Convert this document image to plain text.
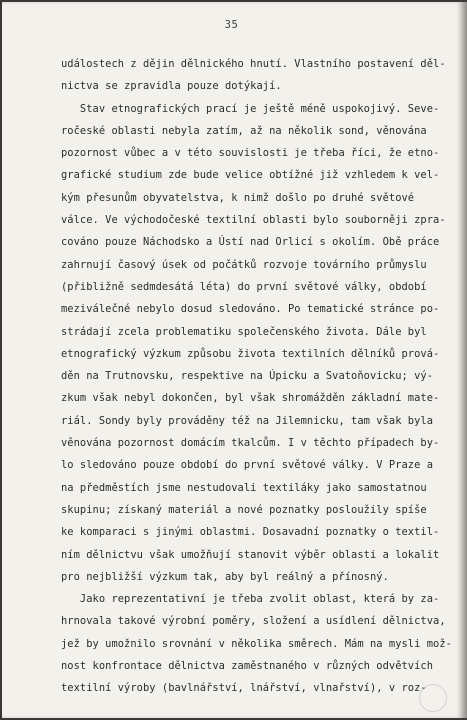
35
událostech z dějin dělnického hnutí. Vlastního postavení děl-
nictva se zpravidla pouze dotýkají.
Stav etnografických prací je ještě méně uspokojivý. Seve-
ročeské oblasti nebyla zatím, až na několik sond, věnována
pozornost vůbec a v této souvislosti je třeba říci, že etno-
grafické studium zde bude velice obtížné již vzhledem k vel-
kým přesunům obyvatelstva, k nimž došlo po druhé světové
válce. Ve východočeské textilní oblasti bylo souborněji zpra-
cováno pouze Náchodsko a Ústí nad Orlicí s okolím. Obě práce
zahrnují časový úsek od počátků rozvoje továrního průmyslu
(přibližně sedmdesátá léta) do první světové války, období
meziválečné nebylo dosud sledováno. Po tematické stránce po-
strádají zcela problematiku společenského života. Dále byl
etnografický výzkum způsobu života textilních dělníků prová-
děn na Trutnovsku, respektive na Úpicku a Svatoňovicku; vý-
zkum však nebyl dokončen, byl však shromážděn základní mate-
riál. Sondy byly prováděny též na Jilemnicku, tam však byla
věnována pozornost domácím tkalcům. I v těchto případech by-
lo sledováno pouze období do první světové války. V Praze a
na předměstích jsme nestudovali textiláky jako samostatnou
skupinu; získaný materiál a nové poznatky posloužily spíše
ke komparaci s jinými oblastmi. Dosavadní poznatky o textil-
ním dělnictvu však umožňují stanovit výběr oblasti a lokalit
pro nejbližší výzkum tak, aby byl reálný a přínosný.
Jako reprezentativní je třeba zvolit oblast, která by za-
hrnovala takové výrobní poměry, složení a usídlení dělnictva,
jež by umožnilo srovnání v několika směrech. Mám na mysli mož-
nost konfrontace dělnictva zaměstnaného v různých odvětvích
textilní výroby (bavlnářství, lnářství, vlnařství), v roz-
